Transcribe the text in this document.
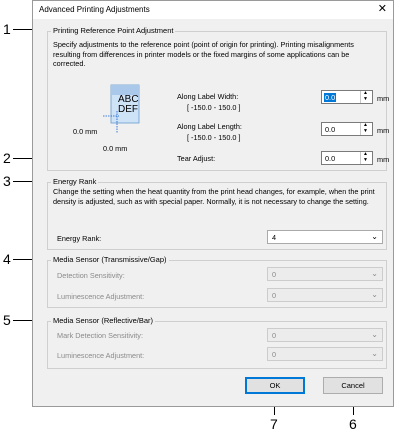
1
2
3
4
5
7	6
Advanced Printing Adjustments	✕
Printing Reference Point Adjustment
Specify adjustments to the reference point (point of origin for printing). Printing misalignments resulting from differences in printer models or the fixed margins of some applications can be corrected.
ABC
DEF
0.0 mm
0.0 mm
Along Label Width:
[ -150.0 - 150.0 ]
0.0	▲
▼ mm
Along Label Length:
[ -150.0 - 150.0 ]
0.0	▲
▼ mm
Tear Adjust:	0.0	▲
▼ mm
Energy Rank
Change the setting when the heat quantity from the print head changes, for example, when the print density is adjusted, such as with special paper. Normally, it is not necessary to change the setting.
Energy Rank:	4	⌄
Media Sensor (Transmissive/Gap)
Detection Sensitivity:	0	⌄
Luminescence Adjustment:	0	⌄
Media Sensor (Reflective/Bar)
Mark Detection Sensitivity:	0	⌄
Luminescence Adjustment:	0	⌄
OK	Cancel
